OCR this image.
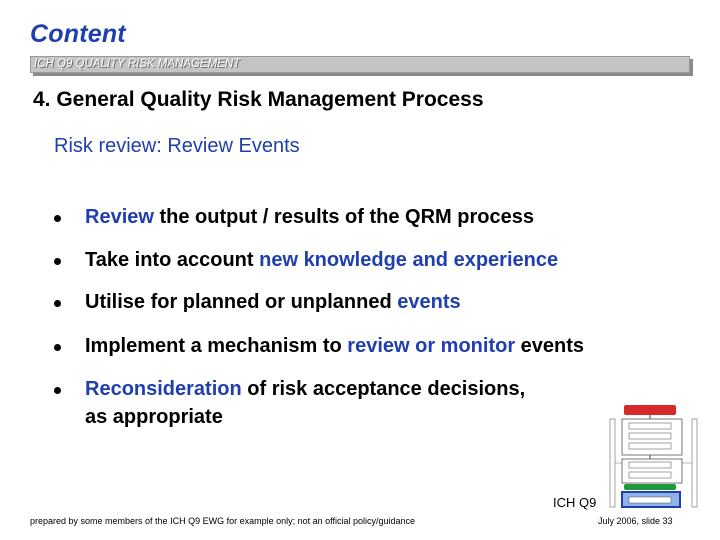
Content
ICH Q9 QUALITY RISK MANAGEMENT
4. General Quality Risk Management Process
Risk review: Review Events
Review the output / results of the QRM process
Take into account new knowledge and experience
Utilise for planned or unplanned events
Implement a mechanism to review or monitor events
Reconsideration of risk acceptance decisions,
as appropriate
ICH Q9
prepared by some members of the ICH Q9 EWG for example only; not an official policy/guidance	July 2006, slide 33
